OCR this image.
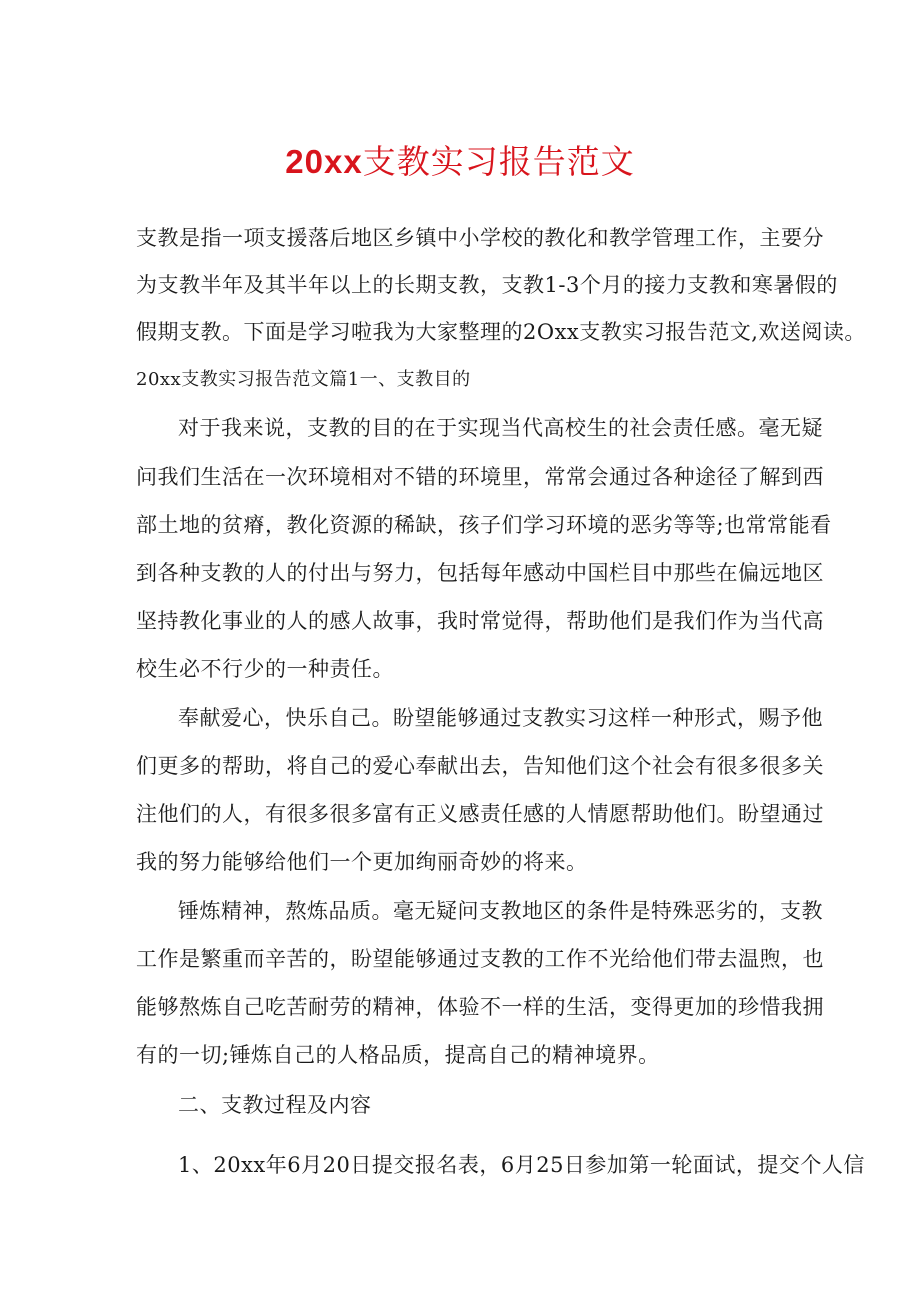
20xx支教实习报告范文
支教是指一项支援落后地区乡镇中小学校的教化和教学管理工作，主要分
为支教半年及其半年以上的长期支教，支教1-3个月的接力支教和寒暑假的
假期支教。下面是学习啦我为大家整理的2Oxx支教实习报告范文,欢送阅读。
20xx支教实习报告范文篇1一、支教目的
对于我来说，支教的目的在于实现当代高校生的社会责任感。毫无疑
问我们生活在一次环境相对不错的环境里，常常会通过各种途径了解到西
部土地的贫瘠，教化资源的稀缺，孩子们学习环境的恶劣等等;也常常能看
到各种支教的人的付出与努力，包括每年感动中国栏目中那些在偏远地区
坚持教化事业的人的感人故事，我时常觉得，帮助他们是我们作为当代高
校生必不行少的一种责任。
奉献爱心，快乐自己。盼望能够通过支教实习这样一种形式，赐予他
们更多的帮助，将自己的爱心奉献出去，告知他们这个社会有很多很多关
注他们的人，有很多很多富有正义感责任感的人情愿帮助他们。盼望通过
我的努力能够给他们一个更加绚丽奇妙的将来。
锤炼精神，熬炼品质。毫无疑问支教地区的条件是特殊恶劣的，支教
工作是繁重而辛苦的，盼望能够通过支教的工作不光给他们带去温煦，也
能够熬炼自己吃苦耐劳的精神，体验不一样的生活，变得更加的珍惜我拥
有的一切;锤炼自己的人格品质，提高自己的精神境界。
二、支教过程及内容
1、20xx年6月20日提交报名表，6月25日参加第一轮面试，提交个人信
